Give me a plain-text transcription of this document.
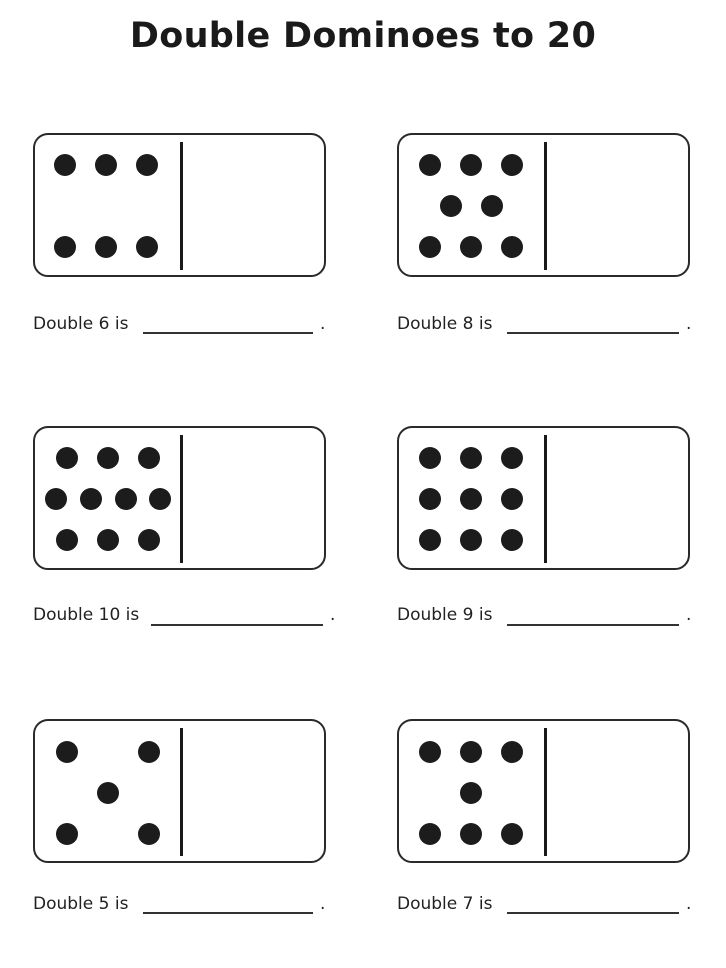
Double Dominoes to 20
Double 6 is	.	Double 8 is	.
Double 10 is	.	Double 9 is	.
Double 5 is	.	Double 7 is	.
